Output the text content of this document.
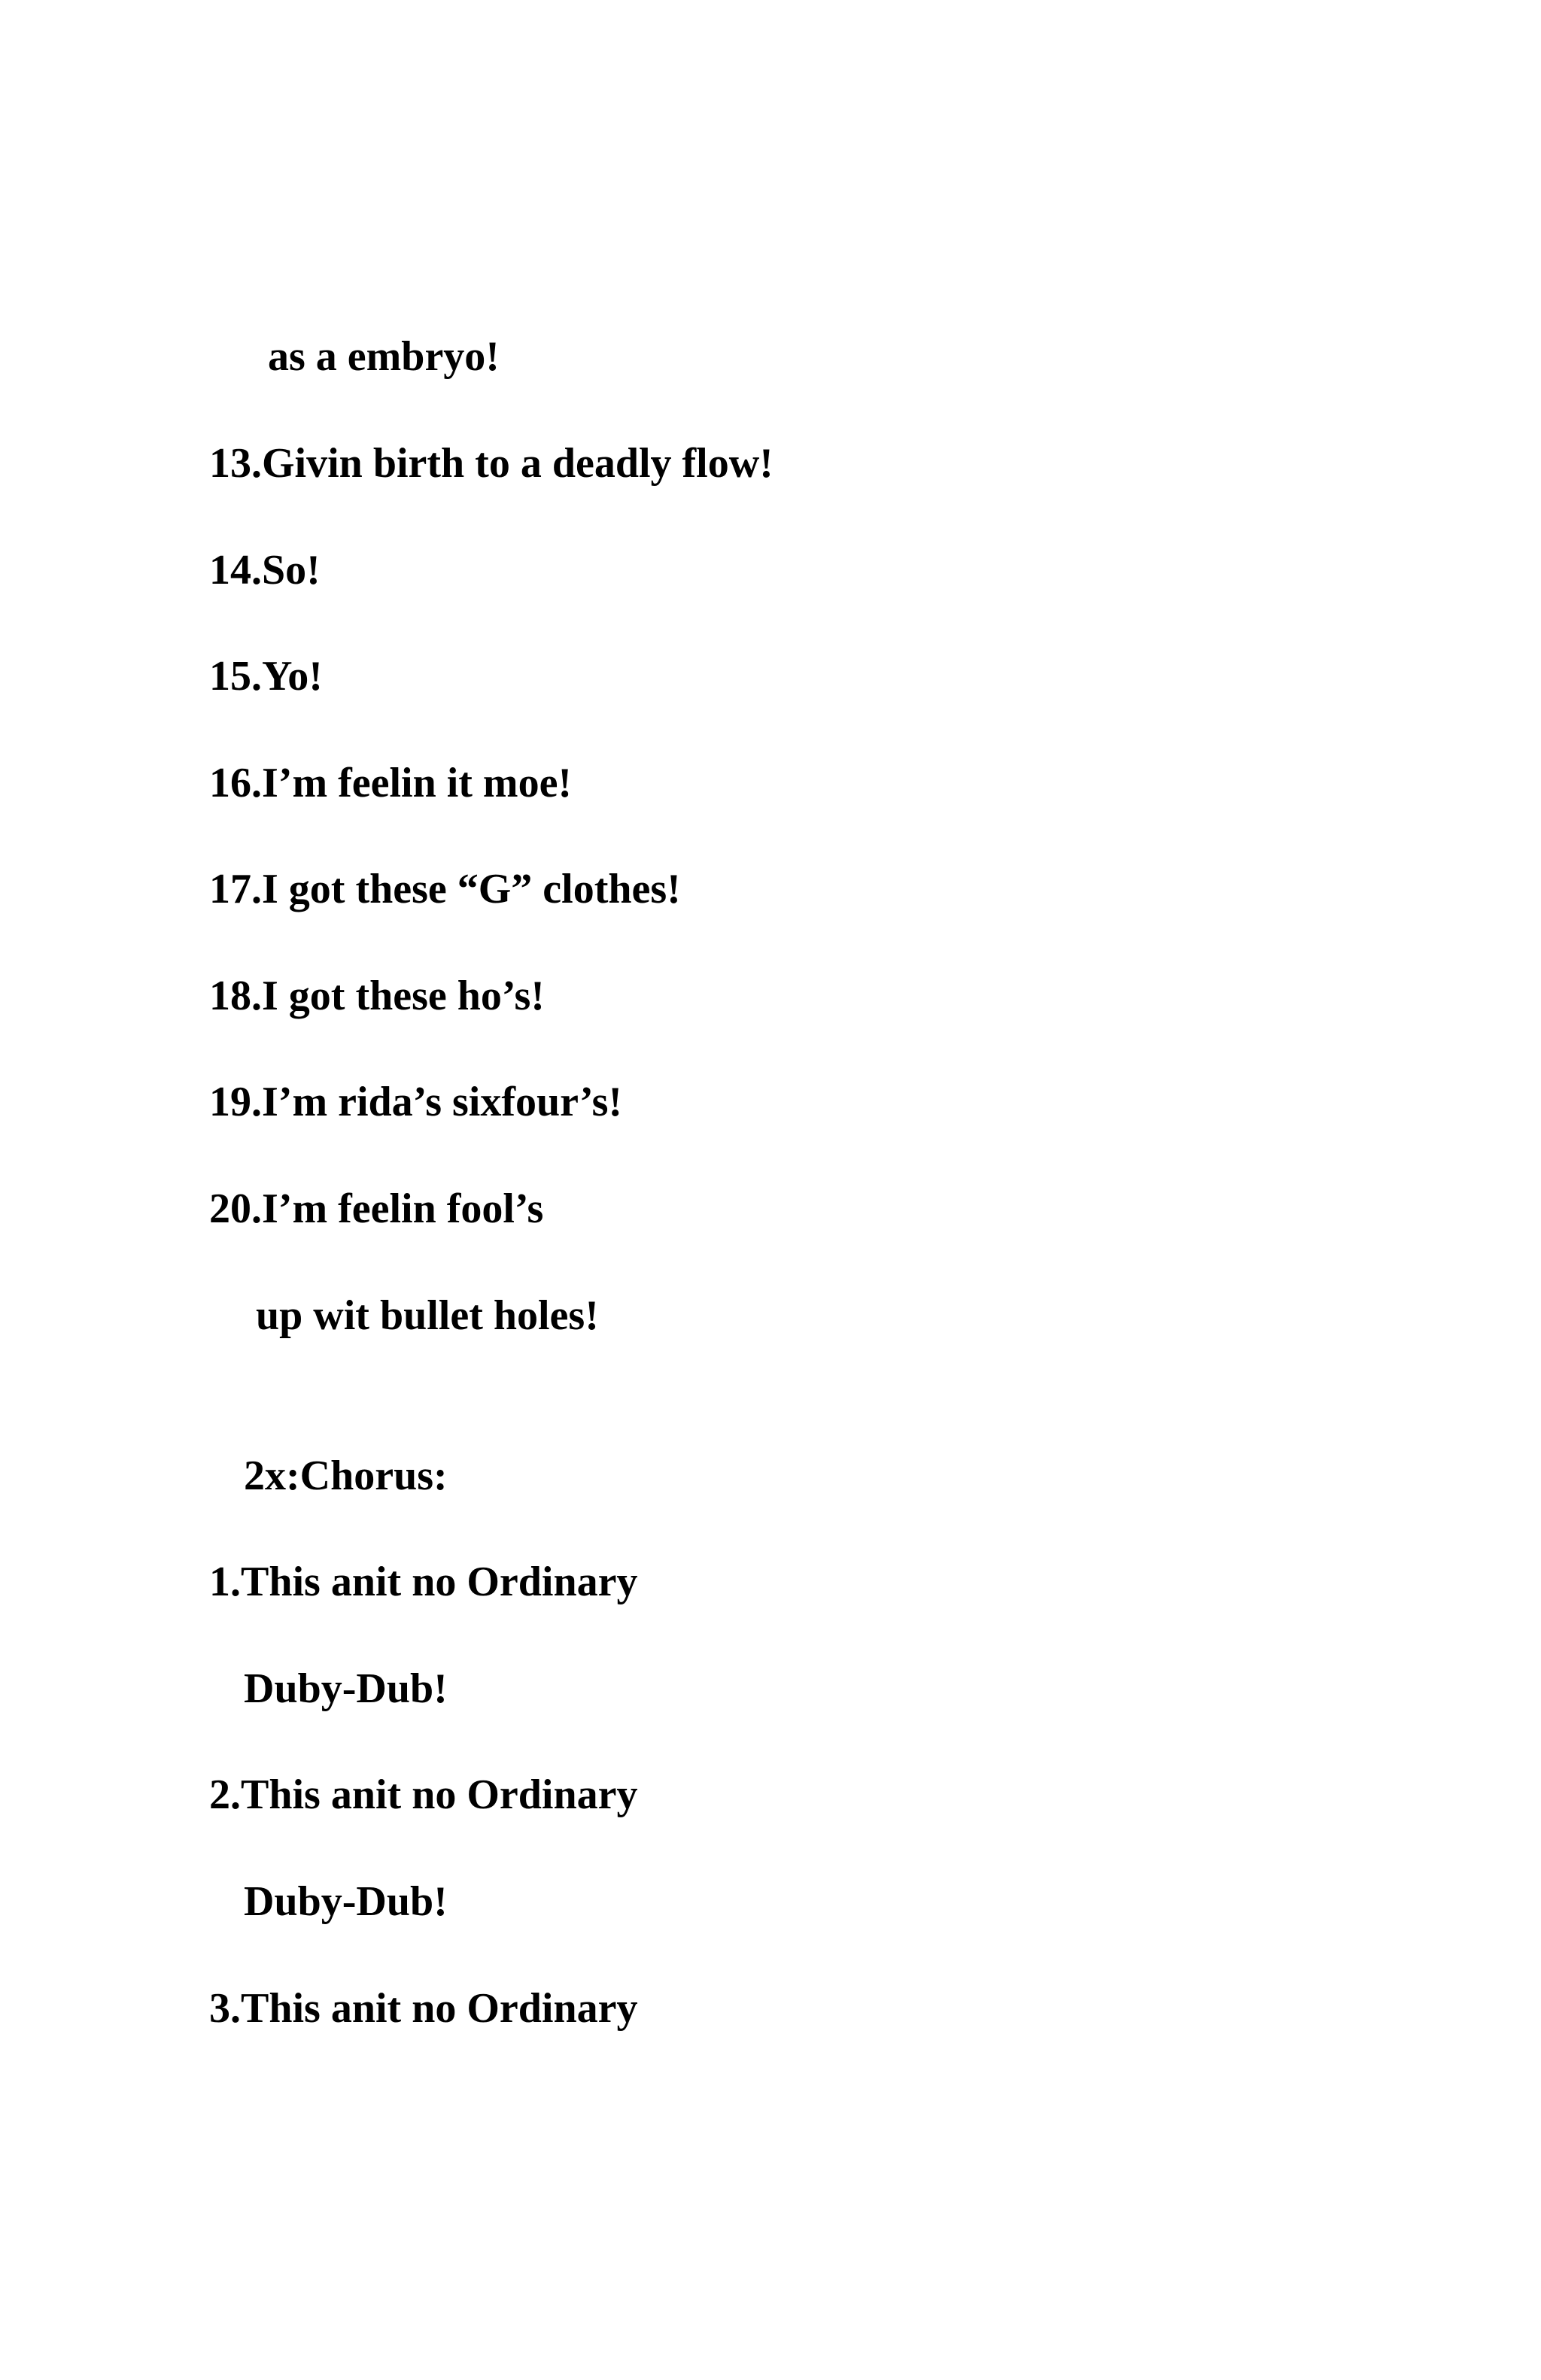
as a embryo!

13.Givin birth to a deadly flow!

14.So!

15.Yo!

16.I’m feelin it moe!

17.I got these “G” clothes!

18.I got these ho’s!

19.I’m rida’s sixfour’s!

20.I’m feelin fool’s

up wit bullet holes!

2x:Chorus:

1.This anit no Ordinary

Duby-Dub!

2.This anit no Ordinary

Duby-Dub!

3.This anit no Ordinary
